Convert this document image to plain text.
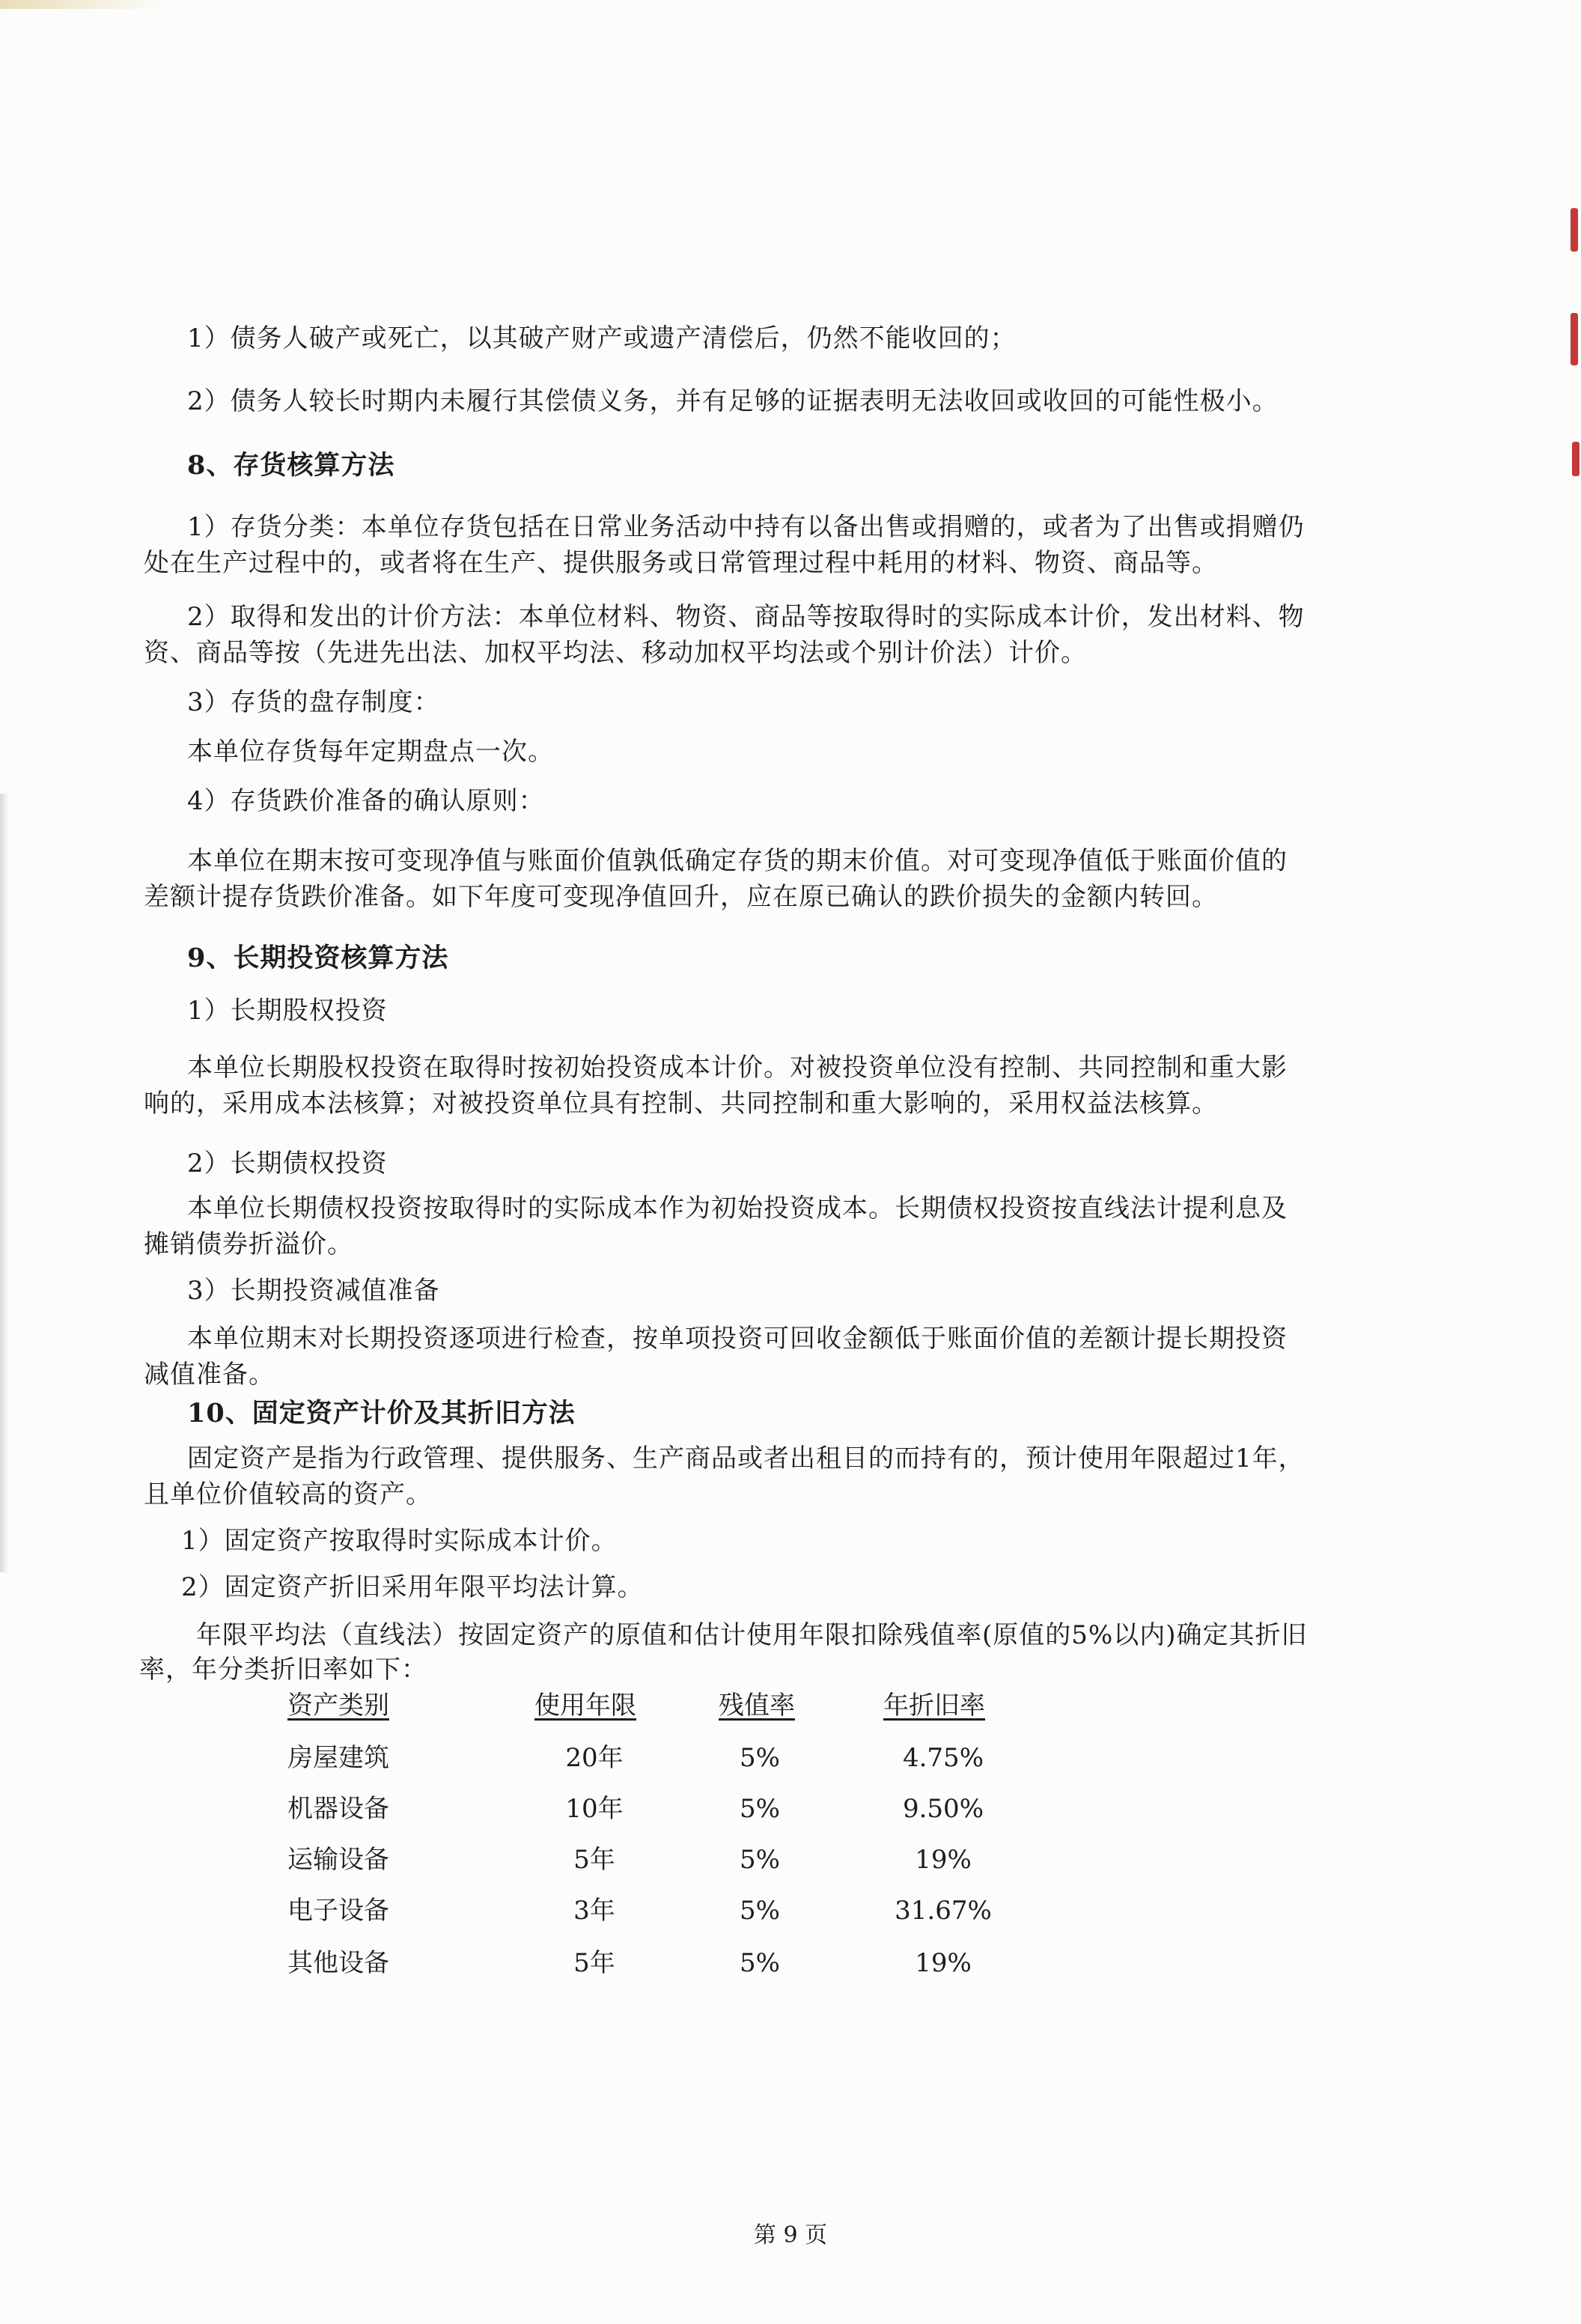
1）债务人破产或死亡，以其破产财产或遗产清偿后，仍然不能收回的；
2）债务人较长时期内未履行其偿债义务，并有足够的证据表明无法收回或收回的可能性极小。
8、存货核算方法
1）存货分类：本单位存货包括在日常业务活动中持有以备出售或捐赠的，或者为了出售或捐赠仍
处在生产过程中的，或者将在生产、提供服务或日常管理过程中耗用的材料、物资、商品等。
2）取得和发出的计价方法：本单位材料、物资、商品等按取得时的实际成本计价，发出材料、物
资、商品等按（先进先出法、加权平均法、移动加权平均法或个别计价法）计价。
3）存货的盘存制度：
本单位存货每年定期盘点一次。
4）存货跌价准备的确认原则：
本单位在期末按可变现净值与账面价值孰低确定存货的期末价值。对可变现净值低于账面价值的
差额计提存货跌价准备。如下年度可变现净值回升，应在原已确认的跌价损失的金额内转回。
9、长期投资核算方法
1）长期股权投资
本单位长期股权投资在取得时按初始投资成本计价。对被投资单位没有控制、共同控制和重大影
响的，采用成本法核算；对被投资单位具有控制、共同控制和重大影响的，采用权益法核算。
2）长期债权投资
本单位长期债权投资按取得时的实际成本作为初始投资成本。长期债权投资按直线法计提利息及
摊销债券折溢价。
3）长期投资减值准备
本单位期末对长期投资逐项进行检查，按单项投资可回收金额低于账面价值的差额计提长期投资
减值准备。
10、固定资产计价及其折旧方法
固定资产是指为行政管理、提供服务、生产商品或者出租目的而持有的，预计使用年限超过1年，
且单位价值较高的资产。
1）固定资产按取得时实际成本计价。
2）固定资产折旧采用年限平均法计算。
年限平均法（直线法）按固定资产的原值和估计使用年限扣除残值率(原值的5%以内)确定其折旧
率，年分类折旧率如下：
资产类别	使用年限	残值率	年折旧率
房屋建筑	20年	5%	4.75%
机器设备	10年	5%	9.50%
运输设备	5年	5%	19%
电子设备	3年	5%	31.67%
其他设备	5年	5%	19%
第 9 页
